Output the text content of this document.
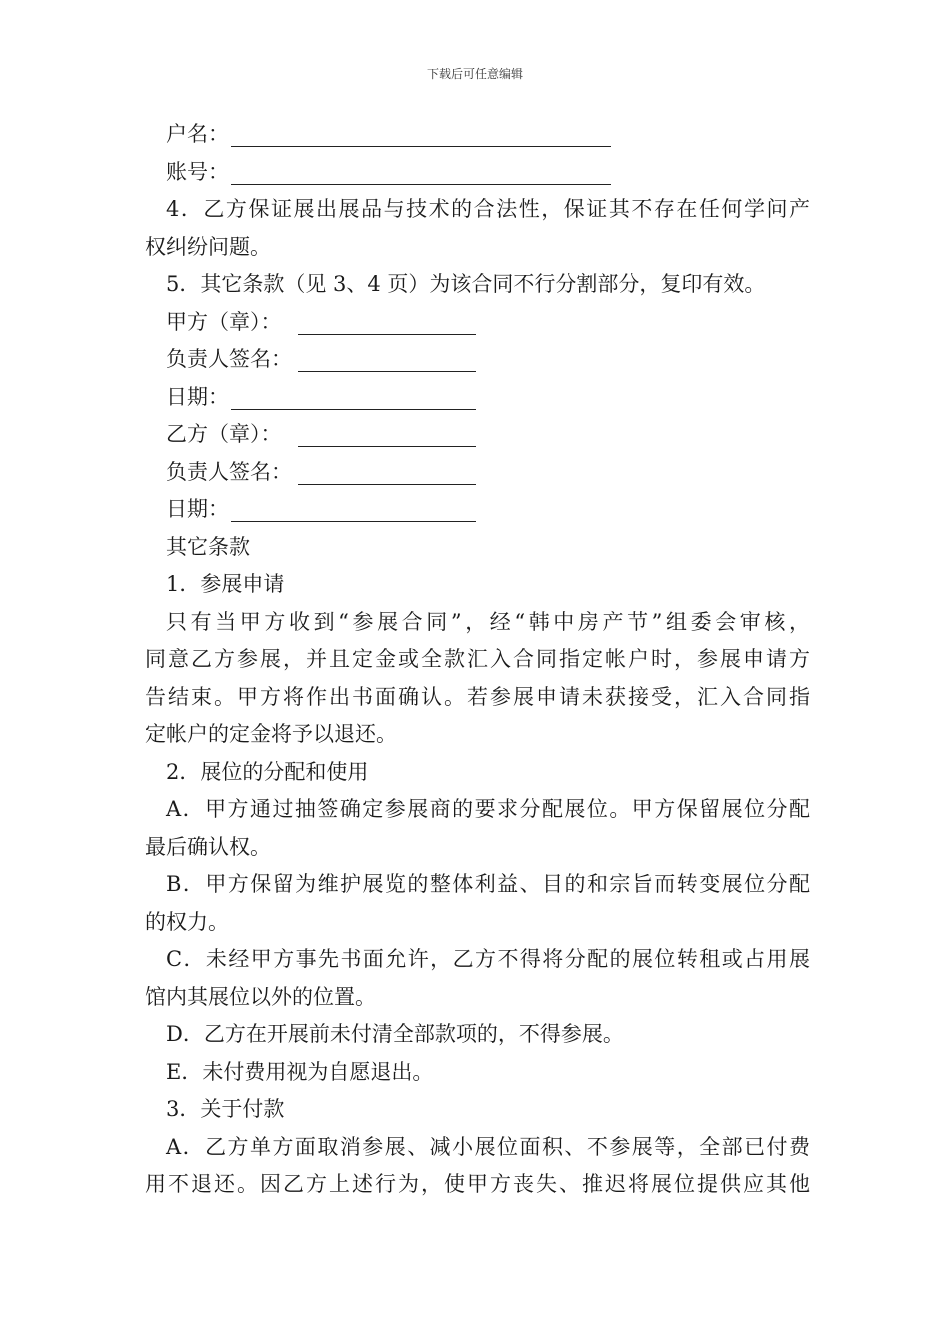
下载后可任意编辑
户名：
账号：

4．乙方保证展出展品与技术的合法性，保证其不存在任何学问产

权纠纷问题。

5．其它条款（见 3、4 页）为该合同不行分割部分，复印有效。

甲方（章）：
负责人签名：
日期：
乙方（章）：
负责人签名：
日期：

其它条款

1．参展申请

只有当甲方收到“参展合同”，经“韩中房产节”组委会审核，

同意乙方参展，并且定金或全款汇入合同指定帐户时，参展申请方

告结束。甲方将作出书面确认。若参展申请未获接受，汇入合同指

定帐户的定金将予以退还。

2．展位的分配和使用

A．甲方通过抽签确定参展商的要求分配展位。甲方保留展位分配

最后确认权。

B．甲方保留为维护展览的整体利益、目的和宗旨而转变展位分配

的权力。

C．未经甲方事先书面允许，乙方不得将分配的展位转租或占用展

馆内其展位以外的位置。

D．乙方在开展前未付清全部款项的，不得参展。

E．未付费用视为自愿退出。

3．关于付款

A．乙方单方面取消参展、减小展位面积、不参展等，全部已付费

用不退还。因乙方上述行为，使甲方丧失、推迟将展位提供应其他
